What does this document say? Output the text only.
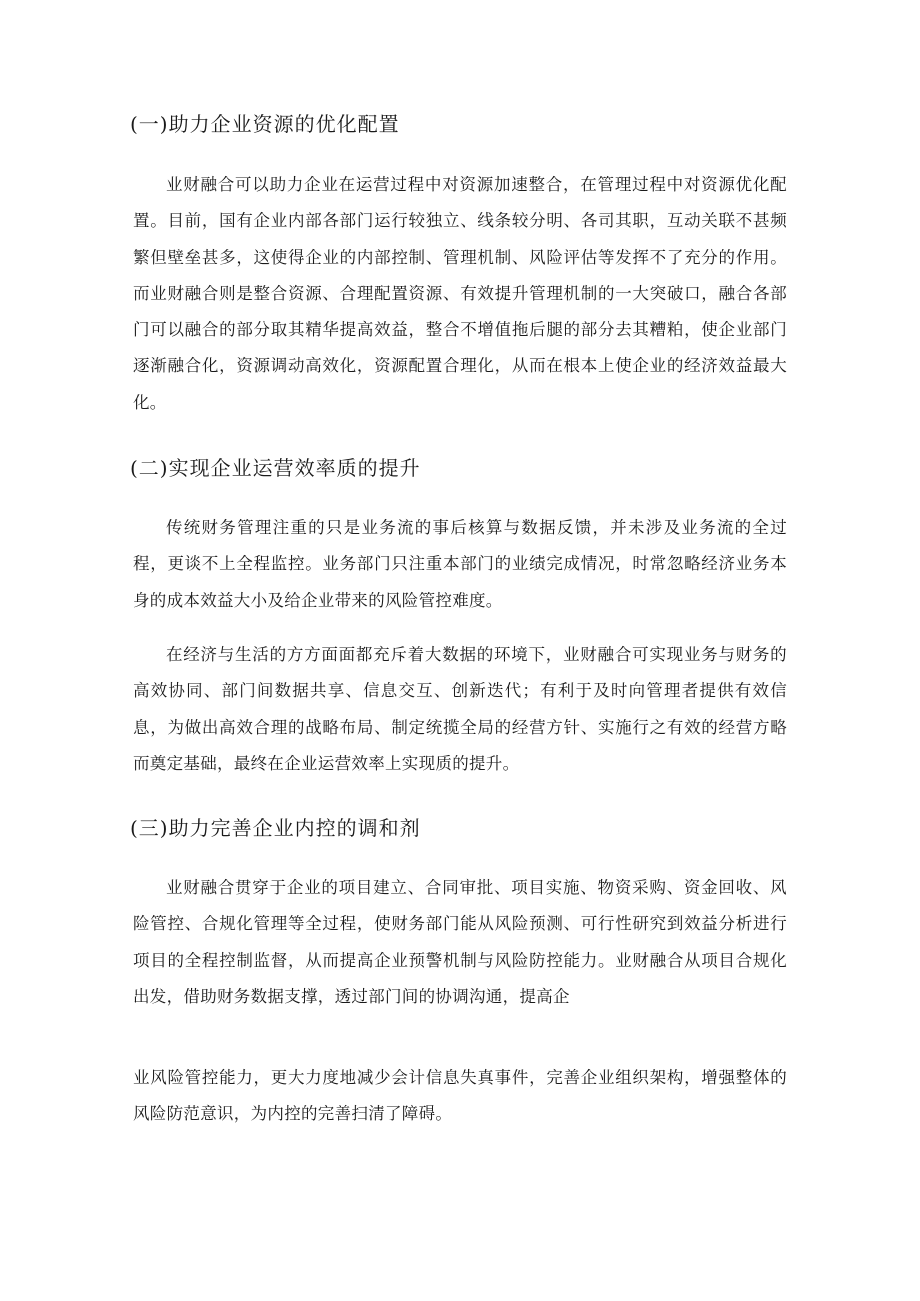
(一)助力企业资源的优化配置
业财融合可以助力企业在运营过程中对资源加速整合，在管理过程中对资源优化配置。目前，国有企业内部各部门运行较独立、线条较分明、各司其职，互动关联不甚频繁但壁垒甚多，这使得企业的内部控制、管理机制、风险评估等发挥不了充分的作用。而业财融合则是整合资源、合理配置资源、有效提升管理机制的一大突破口，融合各部门可以融合的部分取其精华提高效益，整合不增值拖后腿的部分去其糟粕，使企业部门逐渐融合化，资源调动高效化，资源配置合理化，从而在根本上使企业的经济效益最大化。
(二)实现企业运营效率质的提升
传统财务管理注重的只是业务流的事后核算与数据反馈，并未涉及业务流的全过程，更谈不上全程监控。业务部门只注重本部门的业绩完成情况，时常忽略经济业务本身的成本效益大小及给企业带来的风险管控难度。
在经济与生活的方方面面都充斥着大数据的环境下，业财融合可实现业务与财务的高效协同、部门间数据共享、信息交互、创新迭代；有利于及时向管理者提供有效信息，为做出高效合理的战略布局、制定统揽全局的经营方针、实施行之有效的经营方略而奠定基础，最终在企业运营效率上实现质的提升。
(三)助力完善企业内控的调和剂
业财融合贯穿于企业的项目建立、合同审批、项目实施、物资采购、资金回收、风险管控、合规化管理等全过程，使财务部门能从风险预测、可行性研究到效益分析进行项目的全程控制监督，从而提高企业预警机制与风险防控能力。业财融合从项目合规化出发，借助财务数据支撑，透过部门间的协调沟通，提高企
业风险管控能力，更大力度地减少会计信息失真事件，完善企业组织架构，增强整体的风险防范意识，为内控的完善扫清了障碍。
